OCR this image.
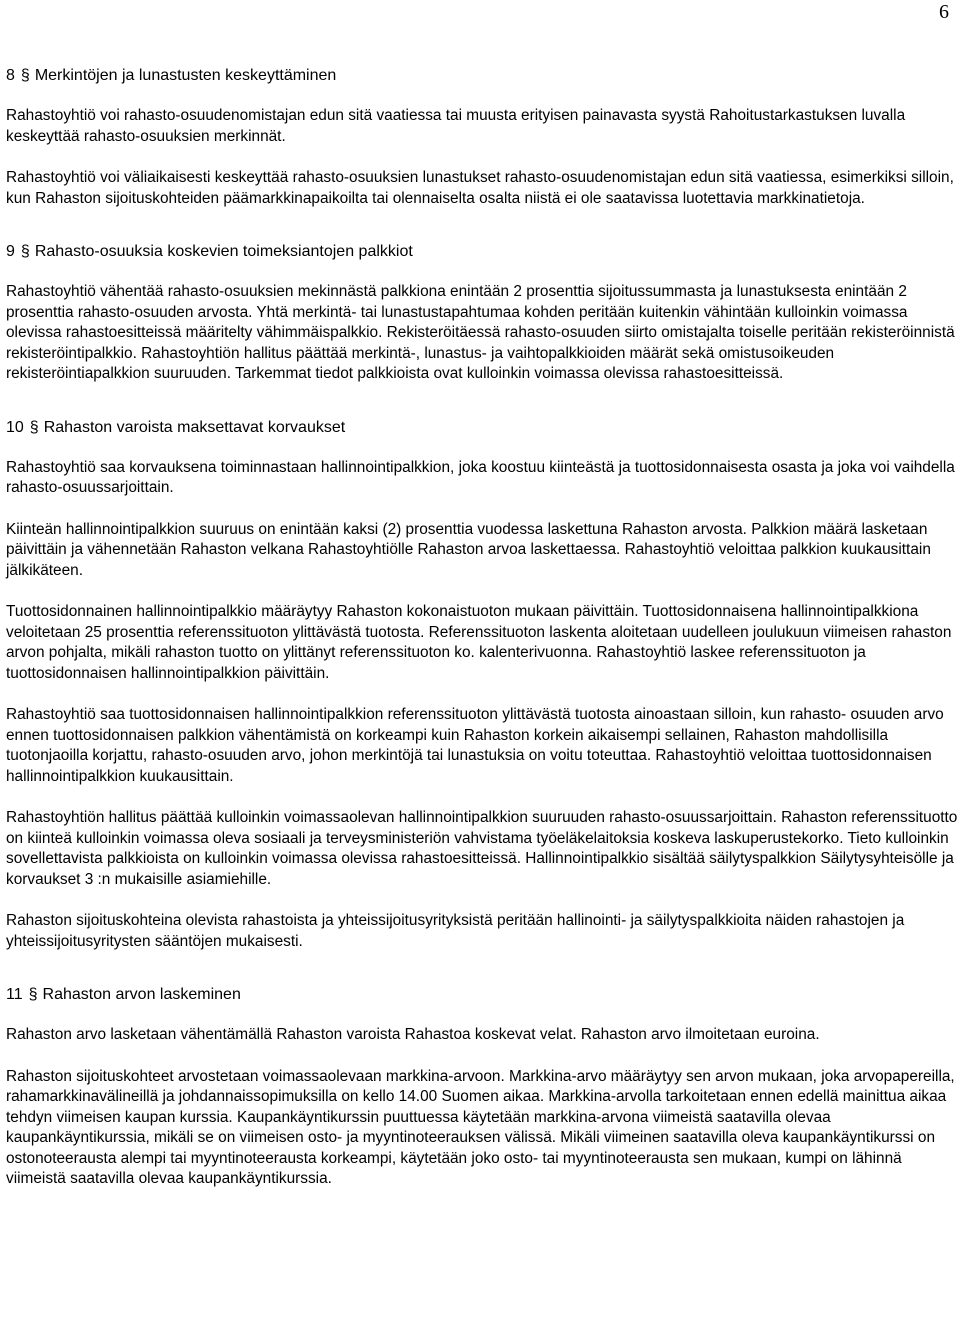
6
8 § Merkintöjen ja lunastusten keskeyttäminen

Rahastoyhtiö voi rahasto-osuudenomistajan edun sitä vaatiessa tai muusta erityisen painavasta syystä Rahoitustarkastuksen luvalla keskeyttää rahasto-osuuksien merkinnät.

Rahastoyhtiö voi väliaikaisesti keskeyttää rahasto-osuuksien lunastukset rahasto-osuudenomistajan edun sitä vaatiessa, esimerkiksi silloin, kun Rahaston sijoituskohteiden päämarkkinapaikoilta tai olennaiselta osalta niistä ei ole saatavissa luotettavia markkinatietoja.

9 § Rahasto-osuuksia koskevien toimeksiantojen palkkiot

Rahastoyhtiö vähentää rahasto-osuuksien mekinnästä palkkiona enintään 2 prosenttia sijoitussummasta ja lunastuksesta enintään 2 prosenttia rahasto-osuuden arvosta. Yhtä merkintä- tai lunastustapahtumaa kohden peritään kuitenkin vähintään kulloinkin voimassa olevissa rahastoesitteissä määritelty vähimmäispalkkio. Rekisteröitäessä rahasto-osuuden siirto omistajalta toiselle peritään rekisteröinnistä rekisteröintipalkkio. Rahastoyhtiön hallitus päättää merkintä-, lunastus- ja vaihtopalkkioiden määrät sekä omistusoikeuden rekisteröintiapalkkion suuruuden. Tarkemmat tiedot palkkioista ovat kulloinkin voimassa olevissa rahastoesitteissä.

10 § Rahaston varoista maksettavat korvaukset

Rahastoyhtiö saa korvauksena toiminnastaan hallinnointipalkkion, joka koostuu kiinteästä ja tuottosidonnaisesta osasta ja joka voi vaihdella rahasto-osuussarjoittain.

Kiinteän hallinnointipalkkion suuruus on enintään kaksi (2) prosenttia vuodessa laskettuna Rahaston arvosta. Palkkion määrä lasketaan päivittäin ja vähennetään Rahaston velkana Rahastoyhtiölle Rahaston arvoa laskettaessa. Rahastoyhtiö veloittaa palkkion kuukausittain jälkikäteen.

Tuottosidonnainen hallinnointipalkkio määräytyy Rahaston kokonaistuoton mukaan päivittäin. Tuottosidonnaisena hallinnointipalkkiona veloitetaan 25 prosenttia referenssituoton ylittävästä tuotosta. Referenssituoton laskenta aloitetaan uudelleen joulukuun viimeisen rahaston arvon pohjalta, mikäli rahaston tuotto on ylittänyt referenssituoton ko. kalenterivuonna. Rahastoyhtiö laskee referenssituoton ja tuottosidonnaisen hallinnointipalkkion päivittäin.

Rahastoyhtiö saa tuottosidonnaisen hallinnointipalkkion referenssituoton ylittävästä tuotosta ainoastaan silloin, kun rahasto- osuuden arvo ennen tuottosidonnaisen palkkion vähentämistä on korkeampi kuin Rahaston korkein aikaisempi sellainen, Rahaston mahdollisilla tuotonjaoilla korjattu, rahasto-osuuden arvo, johon merkintöjä tai lunastuksia on voitu toteuttaa. Rahastoyhtiö veloittaa tuottosidonnaisen hallinnointipalkkion kuukausittain.

Rahastoyhtiön hallitus päättää kulloinkin voimassaolevan hallinnointipalkkion suuruuden rahasto-osuussarjoittain. Rahaston referenssituotto on kiinteä kulloinkin voimassa oleva sosiaali ja terveysministeriön vahvistama työeläkelaitoksia koskeva laskuperustekorko. Tieto kulloinkin sovellettavista palkkioista on kulloinkin voimassa olevissa rahastoesitteissä. Hallinnointipalkkio sisältää säilytyspalkkion Säilytysyhteisölle ja korvaukset 3 :n mukaisille asiamiehille.

Rahaston sijoituskohteina olevista rahastoista ja yhteissijoitusyrityksistä peritään hallinointi- ja säilytyspalkkioita näiden rahastojen ja yhteissijoitusyritysten sääntöjen mukaisesti.

11 § Rahaston arvon laskeminen

Rahaston arvo lasketaan vähentämällä Rahaston varoista Rahastoa koskevat velat. Rahaston arvo ilmoitetaan euroina.

Rahaston sijoituskohteet arvostetaan voimassaolevaan markkina-arvoon. Markkina-arvo määräytyy sen arvon mukaan, joka arvopapereilla, rahamarkkinavälineillä ja johdannaissopimuksilla on kello 14.00 Suomen aikaa. Markkina-arvolla tarkoitetaan ennen edellä mainittua aikaa tehdyn viimeisen kaupan kurssia. Kaupankäyntikurssin puuttuessa käytetään markkina-arvona viimeistä saatavilla olevaa kaupankäyntikurssia, mikäli se on viimeisen osto- ja myyntinoteerauksen välissä. Mikäli viimeinen saatavilla oleva kaupankäyntikurssi on ostonoteerausta alempi tai myyntinoteerausta korkeampi, käytetään joko osto- tai myyntinoteerausta sen mukaan, kumpi on lähinnä viimeistä saatavilla olevaa kaupankäyntikurssia.
